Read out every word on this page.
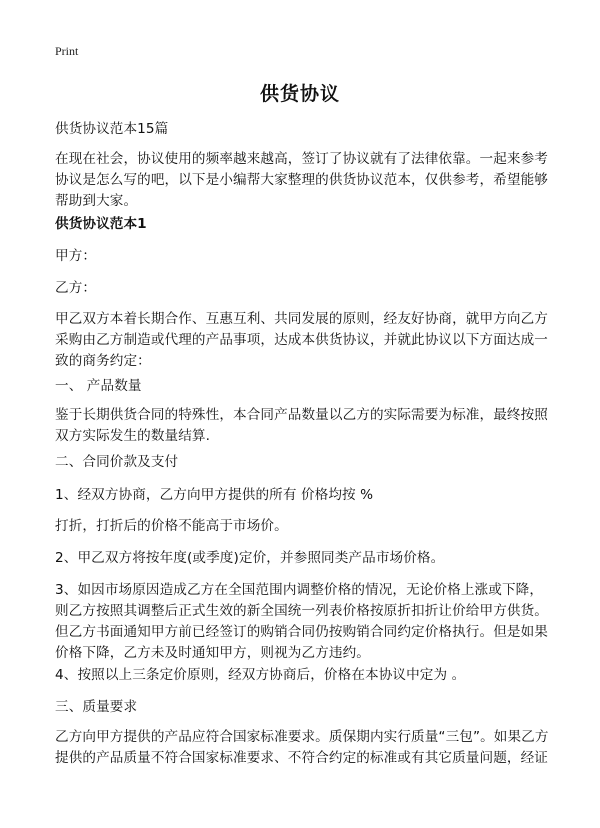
Print
供货协议

供货协议范本15篇

在现在社会，协议使用的频率越来越高，签订了协议就有了法律依靠。一起来参考协议是怎么写的吧，以下是小编帮大家整理的供货协议范本，仅供参考，希望能够帮助到大家。

供货协议范本1

甲方：

乙方：

甲乙双方本着长期合作、互惠互利、共同发展的原则，经友好协商，就甲方向乙方采购由乙方制造或代理的产品事项，达成本供货协议，并就此协议以下方面达成一致的商务约定：

一、 产品数量

鉴于长期供货合同的特殊性，本合同产品数量以乙方的实际需要为标准，最终按照双方实际发生的数量结算.

二、合同价款及支付

1、经双方协商，乙方向甲方提供的所有 价格均按 %

打折，打折后的价格不能高于市场价。

2、甲乙双方将按年度(或季度)定价，并参照同类产品市场价格。

3、如因市场原因造成乙方在全国范围内调整价格的情况，无论价格上涨或下降，则乙方按照其调整后正式生效的新全国统一列表价格按原折扣折让价给甲方供货。但乙方书面通知甲方前已经签订的购销合同仍按购销合同约定价格执行。但是如果价格下降，乙方未及时通知甲方，则视为乙方违约。

4、按照以上三条定价原则，经双方协商后，价格在本协议中定为 。

三、质量要求

乙方向甲方提供的产品应符合国家标准要求。质保期内实行质量“三包”。如果乙方提供的产品质量不符合国家标准要求、不符合约定的标准或有其它质量问题，经证
